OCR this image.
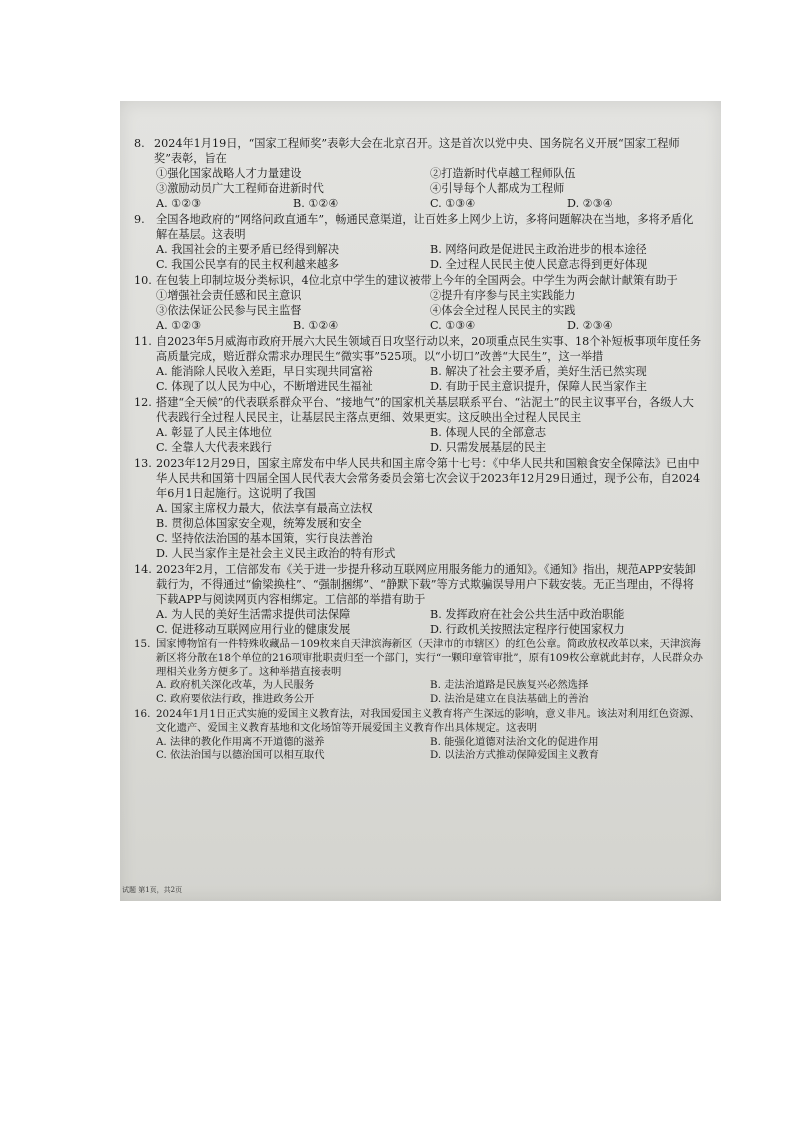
8. 2024年1月19日，“国家工程师奖”表彰大会在北京召开。这是首次以党中央、国务院名义开展“国家工程师奖”表彰，旨在
①强化国家战略人才力量建设	②打造新时代卓越工程师队伍
③激励动员广大工程师奋进新时代	④引导每个人都成为工程师
A. ①②③	B. ①②④	C. ①③④	D. ②③④
9. 全国各地政府的“网络问政直通车”，畅通民意渠道，让百姓多上网少上访，多将问题解决在当地，多将矛盾化解在基层。这表明
A. 我国社会的主要矛盾已经得到解决	B. 网络问政是促进民主政治进步的根本途径
C. 我国公民享有的民主权利越来越多	D. 全过程人民民主使人民意志得到更好体现
10. 在包装上印制垃圾分类标识，4位北京中学生的建议被带上今年的全国两会。中学生为两会献计献策有助于
①增强社会责任感和民主意识	②提升有序参与民主实践能力
③依法保证公民参与民主监督	④体会全过程人民民主的实践
A. ①②③	B. ①②④	C. ①③④	D. ②③④
11. 自2023年5月威海市政府开展六大民生领域百日攻坚行动以来，20项重点民生实事、18个补短板事项年度任务高质量完成，赔近群众需求办理民生“微实事”525项。以“小切口”改善“大民生”，这一举措
A. 能消除人民收入差距，早日实现共同富裕	B. 解决了社会主要矛盾，美好生活已然实现
C. 体现了以人民为中心，不断增进民生福祉	D. 有助于民主意识提升，保障人民当家作主
12. 搭建“全天候”的代表联系群众平台、“接地气”的国家机关基层联系平台、“沾泥土”的民主议事平台，各级人大代表践行全过程人民民主，让基层民主落点更细、效果更实。这反映出全过程人民民主
A. 彰显了人民主体地位	B. 体现人民的全部意志
C. 全靠人大代表来践行	D. 只需发展基层的民主
13. 2023年12月29日，国家主席发布中华人民共和国主席令第十七号：《中华人民共和国粮食安全保障法》已由中华人民共和国第十四届全国人民代表大会常务委员会第七次会议于2023年12月29日通过，现予公布，自2024年6月1日起施行。这说明了我国
A. 国家主席权力最大，依法享有最高立法权
B. 贯彻总体国家安全观，统筹发展和安全
C. 坚持依法治国的基本国策，实行良法善治
D. 人民当家作主是社会主义民主政治的特有形式
14. 2023年2月，工信部发布《关于进一步提升移动互联网应用服务能力的通知》。《通知》指出，规范APP安装卸载行为，不得通过“偷梁换柱”、“强制捆绑”、“静默下载”等方式欺骗误导用户下载安装。无正当理由，不得将下载APP与阅读网页内容相绑定。工信部的举措有助于
A. 为人民的美好生活需求提供司法保障	B. 发挥政府在社会公共生活中政治职能
C. 促进移动互联网应用行业的健康发展	D. 行政机关按照法定程序行使国家权力
15. 国家博物馆有一件特殊收藏品－109枚来自天津滨海新区（天津市的市辖区）的红色公章。简政放权改革以来，天津滨海新区将分散在18个单位的216项审批职责归至一个部门，实行“一颗印章管审批”，原有109枚公章就此封存，人民群众办理相关业务方便多了。这种举措直接表明
A. 政府机关深化改革，为人民服务	B. 走法治道路是民族复兴必然选择
C. 政府要依法行政，推进政务公开	D. 法治是建立在良法基础上的善治
16. 2024年1月1日正式实施的爱国主义教育法，对我国爱国主义教育将产生深远的影响，意义非凡。该法对利用红色资源、文化遗产、爱国主义教育基地和文化场馆等开展爱国主义教育作出具体规定。这表明
A. 法律的教化作用离不开道德的滋养	B. 能强化道德对法治文化的促进作用
C. 依法治国与以德治国可以相互取代	D. 以法治方式推动保障爱国主义教育
试题 第1页，共2页
